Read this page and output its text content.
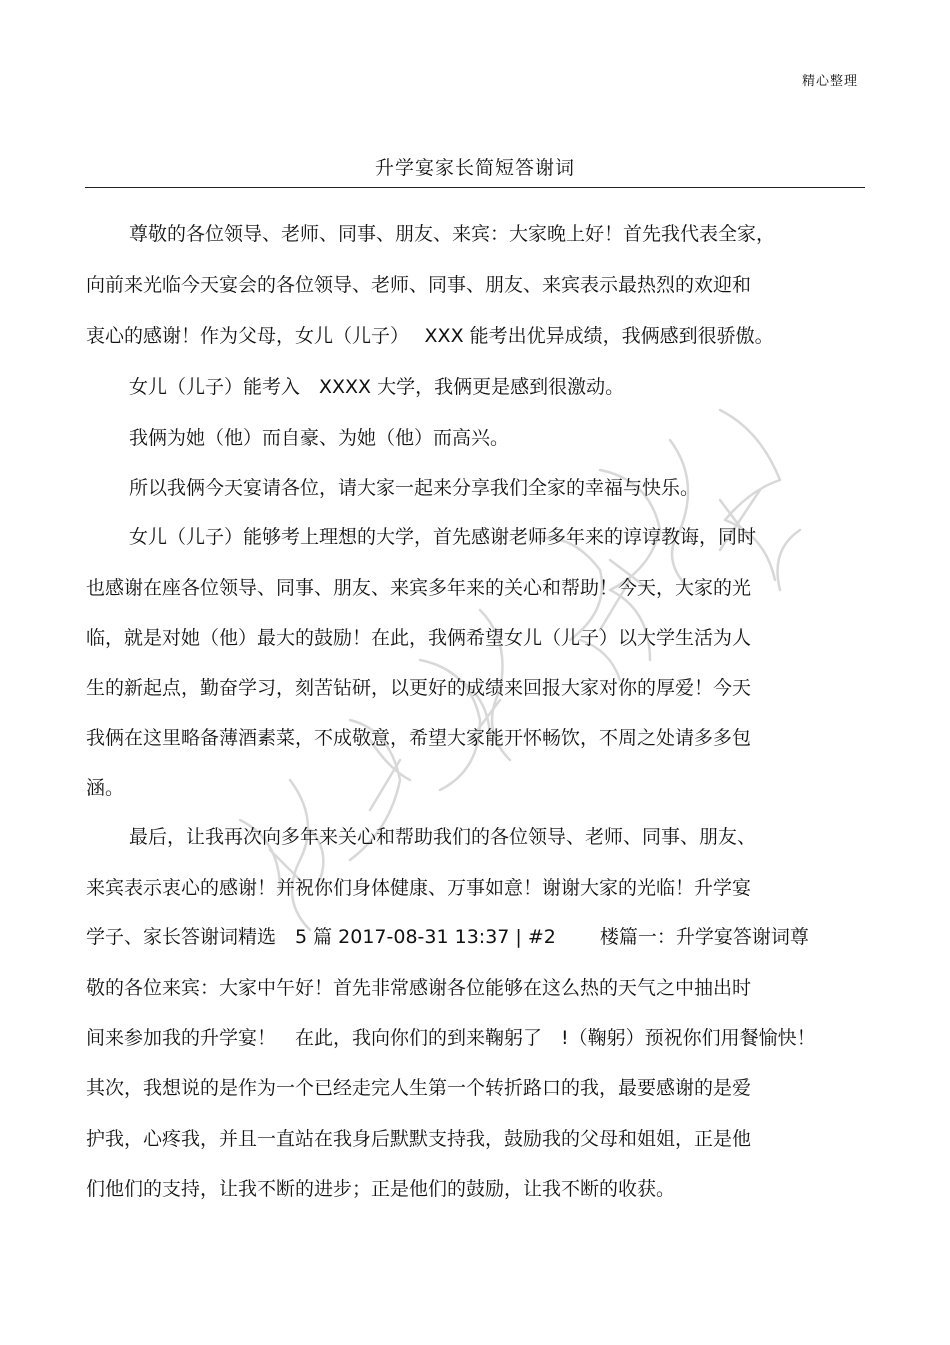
精心整理
升学宴家长简短答谢词
尊敬的各位领导、老师、同事、朋友、来宾：大家晚上好！首先我代表全家，
向前来光临今天宴会的各位领导、老师、同事、朋友、来宾表示最热烈的欢迎和
衷心的感谢！作为父母，女儿（儿子）　 XXX 能考出优异成绩，我俩感到很骄傲。
女儿（儿子）能考入　XXXX 大学，我俩更是感到很激动。
我俩为她（他）而自豪、为她（他）而高兴。
所以我俩今天宴请各位，请大家一起来分享我们全家的幸福与快乐。
女儿（儿子）能够考上理想的大学，首先感谢老师多年来的谆谆教诲，同时
也感谢在座各位领导、同事、朋友、来宾多年来的关心和帮助！今天，大家的光
临，就是对她（他）最大的鼓励！在此，我俩希望女儿（儿子）以大学生活为人
生的新起点，勤奋学习，刻苦钻研，以更好的成绩来回报大家对你的厚爱！今天
我俩在这里略备薄酒素菜，不成敬意，希望大家能开怀畅饮，不周之处请多多包
涵。
最后，让我再次向多年来关心和帮助我们的各位领导、老师、同事、朋友、
来宾表示衷心的感谢！并祝你们身体健康、万事如意！谢谢大家的光临！升学宴
学子、家长答谢词精选　5 篇 2017-08-31 13:37 | #2　　 楼篇一：升学宴答谢词尊
敬的各位来宾：大家中午好！首先非常感谢各位能够在这么热的天气之中抽出时
间来参加我的升学宴！　在此，我向你们的到来鞠躬了　!（鞠躬）预祝你们用餐愉快！
其次，我想说的是作为一个已经走完人生第一个转折路口的我，最要感谢的是爱
护我，心疼我，并且一直站在我身后默默支持我，鼓励我的父母和姐姐，正是他
们他们的支持，让我不断的进步；正是他们的鼓励，让我不断的收获。
